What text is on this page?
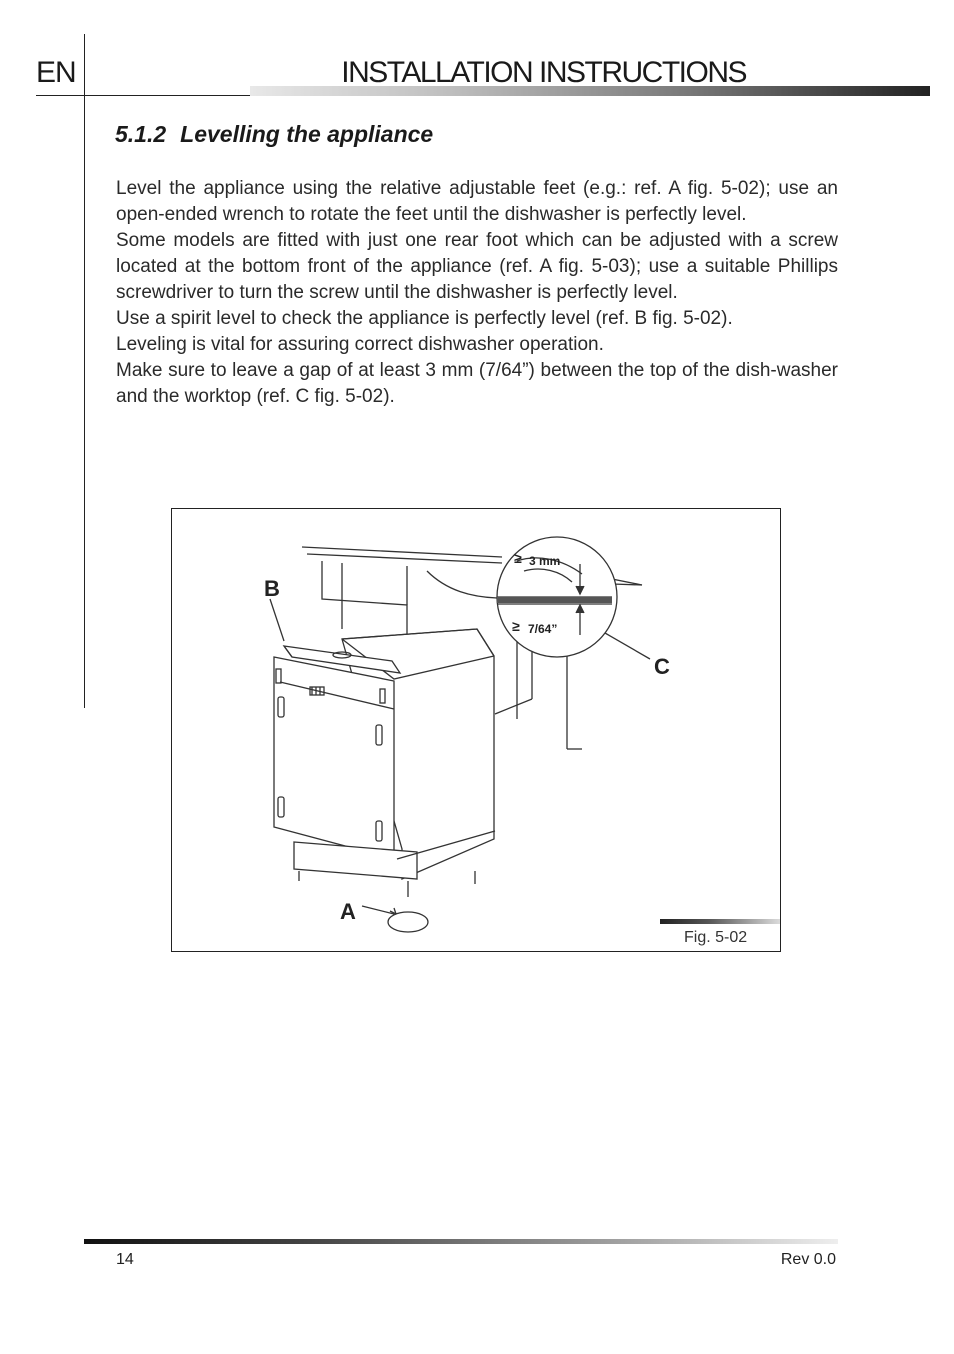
EN	INSTALLATION INSTRUCTIONS
5.1.2 Levelling the appliance

Level the appliance using the relative adjustable feet (e.g.: ref. A fig. 5-02); use an open-ended wrench to rotate the feet until the dishwasher is perfectly level.

Some models are fitted with just one rear foot which can be adjusted with a screw located at the bottom front of the appliance (ref. A fig. 5-03); use a suitable Phillips screwdriver to turn the screw until the dishwasher is perfectly level.

Use a spirit level to check the appliance is perfectly level (ref. B fig. 5-02).

Leveling is vital for assuring correct dishwasher operation.

Make sure to leave a gap of at least 3 mm (7/64”) between the top of the dish-washer and the worktop (ref. C fig. 5-02).

B
C
A
≥ 3 mm
≥ 7/64”
Fig. 5-02
14	Rev 0.0
